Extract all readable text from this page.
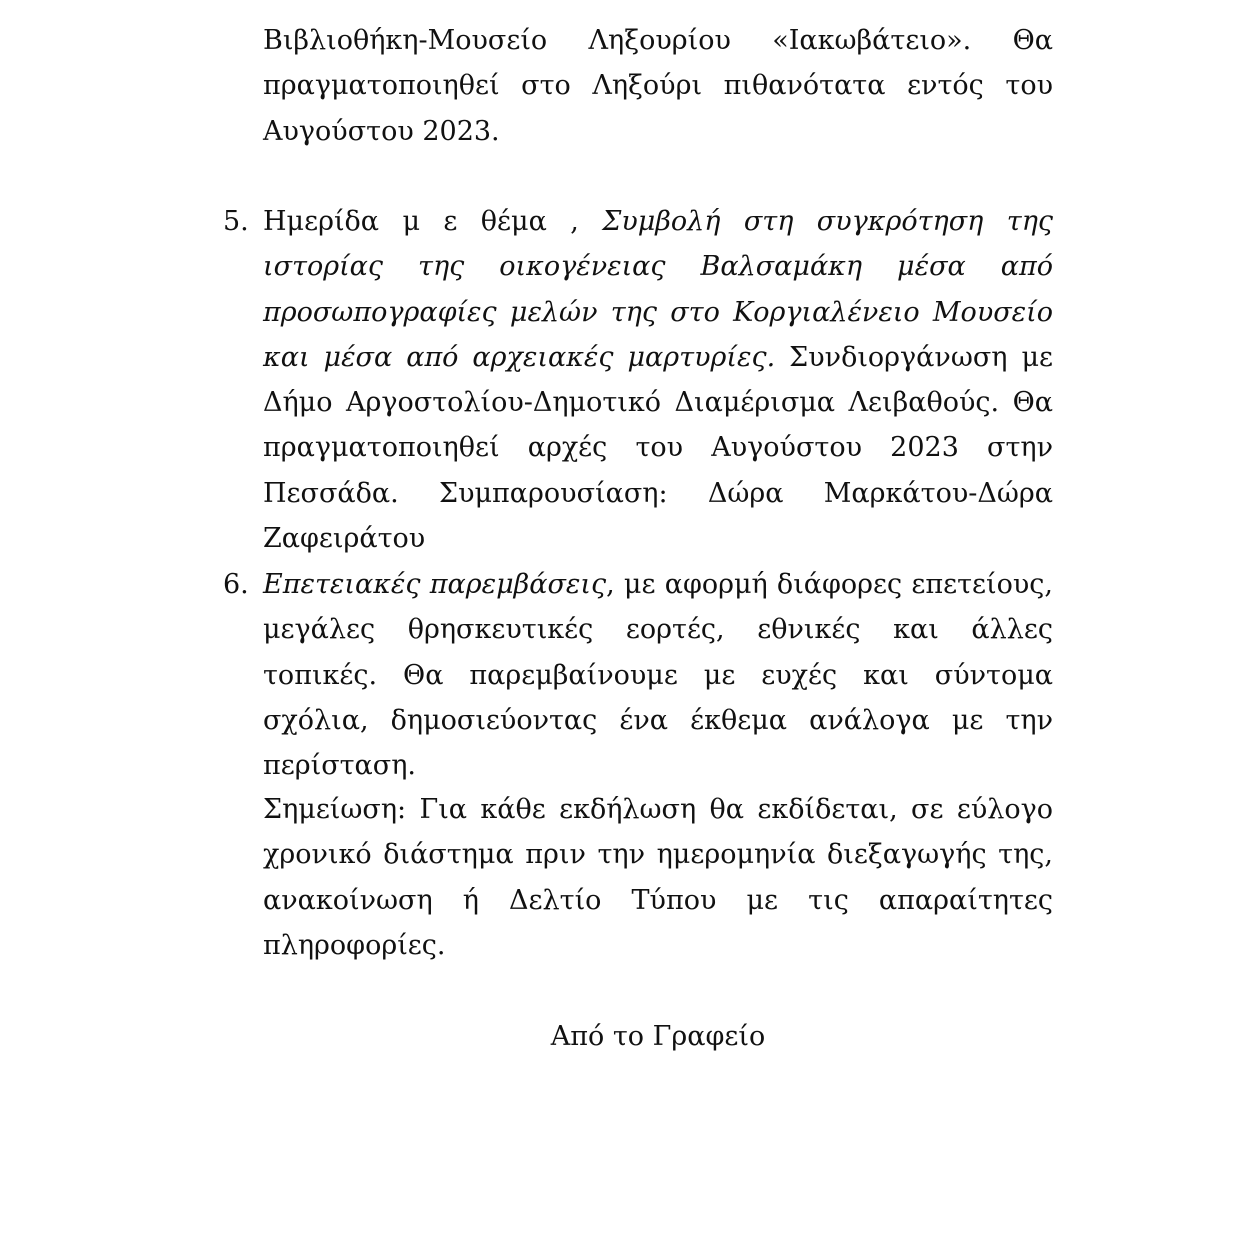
Βιβλιοθήκη-Μουσείο Ληξουρίου «Ιακωβάτειο». Θα πραγματοποιηθεί στο Ληξούρι πιθανότατα εντός του Αυγούστου 2023.

5. Ημερίδα μ ε θέμα , Συμβολή στη συγκρότηση της ιστορίας της οικογένειας Βαλσαμάκη μέσα από προσωπογραφίες μελών της στο Κοργιαλένειο Μουσείο και μέσα από αρχειακές μαρτυρίες. Συνδιοργάνωση με Δήμο Αργοστολίου-Δημοτικό Διαμέρισμα Λειβαθούς. Θα πραγματοποιηθεί αρχές του Αυγούστου 2023 στην Πεσσάδα. Συμπαρουσίαση: Δώρα Μαρκάτου-Δώρα Ζαφειράτου

6. Επετειακές παρεμβάσεις, με αφορμή διάφορες επετείους, μεγάλες θρησκευτικές εορτές, εθνικές και άλλες τοπικές. Θα παρεμβαίνουμε με ευχές και σύντομα σχόλια, δημοσιεύοντας ένα έκθεμα ανάλογα με την περίσταση.

Σημείωση: Για κάθε εκδήλωση θα εκδίδεται, σε εύλογο χρονικό διάστημα πριν την ημερομηνία διεξαγωγής της, ανακοίνωση ή Δελτίο Τύπου με τις απαραίτητες πληροφορίες.

Από το Γραφείο
